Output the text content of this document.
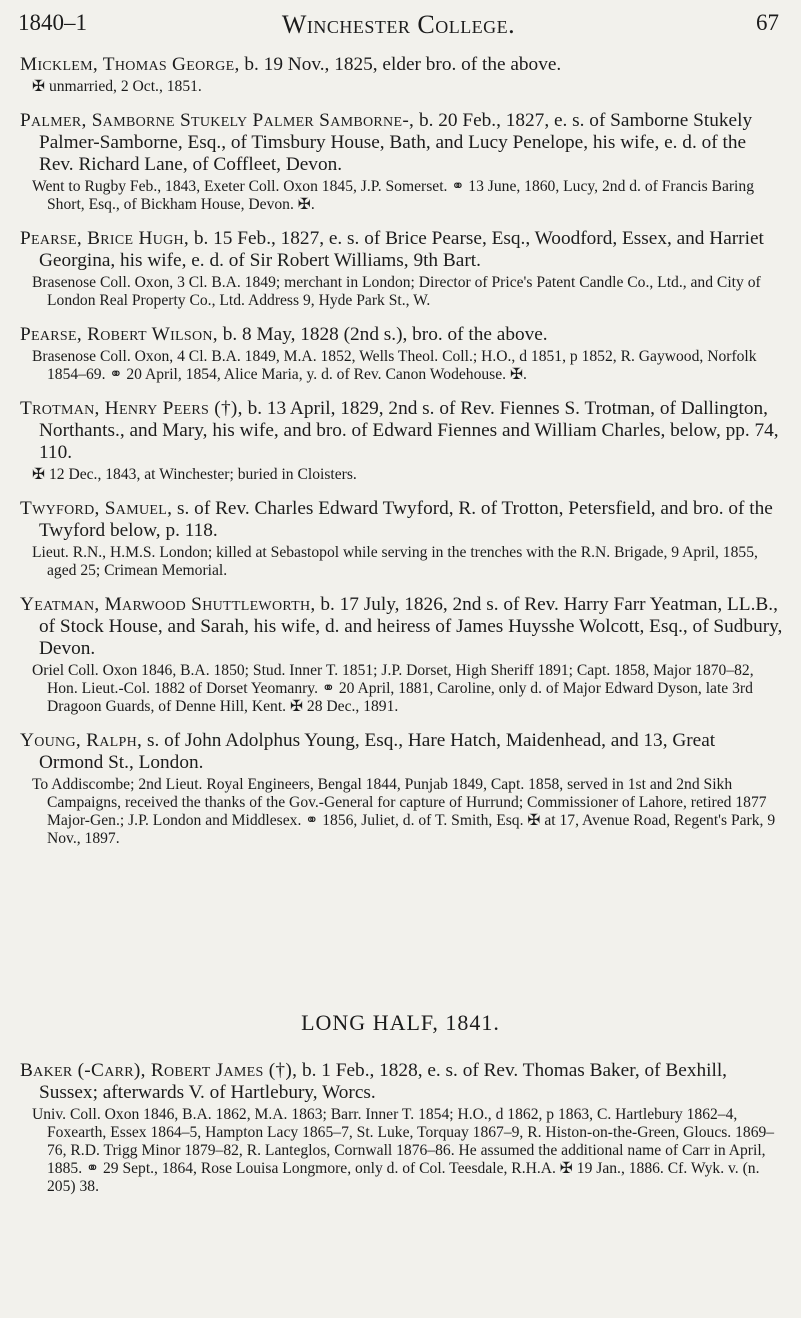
1840–1	Winchester College.	67
Micklem, Thomas George, b. 19 Nov., 1825, elder bro. of the above.
✠ unmarried, 2 Oct., 1851.
Palmer, Samborne Stukely Palmer Samborne-, b. 20 Feb., 1827, e. s. of Samborne Stukely Palmer-Samborne, Esq., of Timsbury House, Bath, and Lucy Penelope, his wife, e. d. of the Rev. Richard Lane, of Coffleet, Devon.
Went to Rugby Feb., 1843, Exeter Coll. Oxon 1845, J.P. Somerset. ⚭ 13 June, 1860, Lucy, 2nd d. of Francis Baring Short, Esq., of Bickham House, Devon. ✠.
Pearse, Brice Hugh, b. 15 Feb., 1827, e. s. of Brice Pearse, Esq., Woodford, Essex, and Harriet Georgina, his wife, e. d. of Sir Robert Williams, 9th Bart.
Brasenose Coll. Oxon, 3 Cl. B.A. 1849; merchant in London; Director of Price's Patent Candle Co., Ltd., and City of London Real Property Co., Ltd. Address 9, Hyde Park St., W.
Pearse, Robert Wilson, b. 8 May, 1828 (2nd s.), bro. of the above.
Brasenose Coll. Oxon, 4 Cl. B.A. 1849, M.A. 1852, Wells Theol. Coll.; H.O., d 1851, p 1852, R. Gaywood, Norfolk 1854–69. ⚭ 20 April, 1854, Alice Maria, y. d. of Rev. Canon Wodehouse. ✠.
Trotman, Henry Peers (†), b. 13 April, 1829, 2nd s. of Rev. Fiennes S. Trotman, of Dallington, Northants., and Mary, his wife, and bro. of Edward Fiennes and William Charles, below, pp. 74, 110.
✠ 12 Dec., 1843, at Winchester; buried in Cloisters.
Twyford, Samuel, s. of Rev. Charles Edward Twyford, R. of Trotton, Petersfield, and bro. of the Twyford below, p. 118.
Lieut. R.N., H.M.S. London; killed at Sebastopol while serving in the trenches with the R.N. Brigade, 9 April, 1855, aged 25; Crimean Memorial.
Yeatman, Marwood Shuttleworth, b. 17 July, 1826, 2nd s. of Rev. Harry Farr Yeatman, LL.B., of Stock House, and Sarah, his wife, d. and heiress of James Huysshe Wolcott, Esq., of Sudbury, Devon.
Oriel Coll. Oxon 1846, B.A. 1850; Stud. Inner T. 1851; J.P. Dorset, High Sheriff 1891; Capt. 1858, Major 1870–82, Hon. Lieut.-Col. 1882 of Dorset Yeomanry. ⚭ 20 April, 1881, Caroline, only d. of Major Edward Dyson, late 3rd Dragoon Guards, of Denne Hill, Kent. ✠ 28 Dec., 1891.
Young, Ralph, s. of John Adolphus Young, Esq., Hare Hatch, Maidenhead, and 13, Great Ormond St., London.
To Addiscombe; 2nd Lieut. Royal Engineers, Bengal 1844, Punjab 1849, Capt. 1858, served in 1st and 2nd Sikh Campaigns, received the thanks of the Gov.-General for capture of Hurrund; Commissioner of Lahore, retired 1877 Major-Gen.; J.P. London and Middlesex. ⚭ 1856, Juliet, d. of T. Smith, Esq. ✠ at 17, Avenue Road, Regent's Park, 9 Nov., 1897.
LONG HALF, 1841.
Baker (-Carr), Robert James (†), b. 1 Feb., 1828, e. s. of Rev. Thomas Baker, of Bexhill, Sussex; afterwards V. of Hartlebury, Worcs.
Univ. Coll. Oxon 1846, B.A. 1862, M.A. 1863; Barr. Inner T. 1854; H.O., d 1862, p 1863, C. Hartlebury 1862–4, Foxearth, Essex 1864–5, Hampton Lacy 1865–7, St. Luke, Torquay 1867–9, R. Histon-on-the-Green, Gloucs. 1869–76, R.D. Trigg Minor 1879–82, R. Lanteglos, Cornwall 1876–86. He assumed the additional name of Carr in April, 1885. ⚭ 29 Sept., 1864, Rose Louisa Longmore, only d. of Col. Teesdale, R.H.A. ✠ 19 Jan., 1886. Cf. Wyk. v. (n. 205) 38.
